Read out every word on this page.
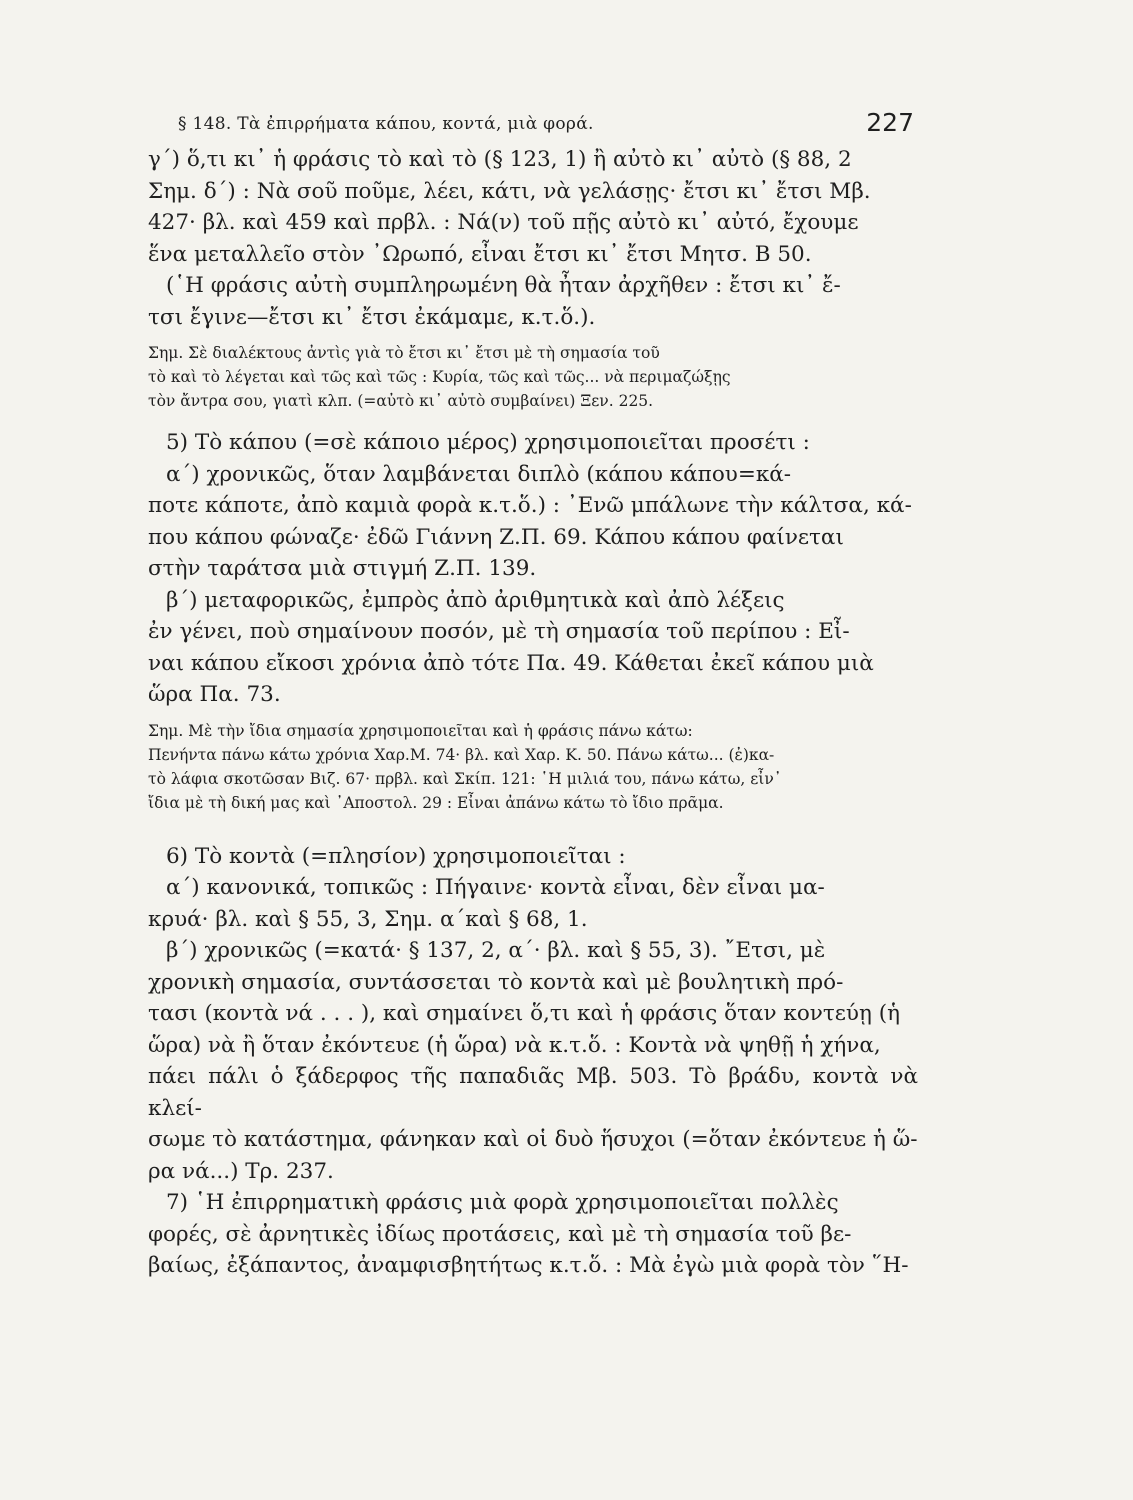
§ 148. Τὰ ἐπιρρήματα κάπου, κοντά, μιὰ φορά.	227

γ΄) ὅ,τι κι᾿ ἡ φράσις τὸ καὶ τὸ (§ 123, 1) ἢ αὐτὸ κι᾿ αὐτὸ (§ 88, 2

Σημ. δ΄) : Νὰ σοῦ ποῦμε, λέει, κάτι, νὰ γελάσῃς· ἔτσι κι᾿ ἔτσι Μβ.

427· βλ. καὶ 459 καὶ πρβλ. : Νά(ν) τοῦ πῇς αὐτὸ κι᾿ αὐτό, ἔχουμε

ἕνα μεταλλεῖο στὸν ᾿Ωρωπό, εἶναι ἔτσι κι᾿ ἔτσι Μητσ. Β 50.

(῾Η φράσις αὐτὴ συμπληρωμένη θὰ ἦταν ἀρχῆθεν : ἔτσι κι᾿ ἔ-

τσι ἔγινε—ἔτσι κι᾿ ἔτσι ἐκάμαμε, κ.τ.ὅ.).

Σημ. Σὲ διαλέκτους ἀντὶς γιὰ τὸ ἔτσι κι᾿ ἔτσι μὲ τὴ σημασία τοῦ

τὸ καὶ τὸ λέγεται καὶ τῶς καὶ τῶς : Κυρία, τῶς καὶ τῶς... νὰ περιμαζώξῃς

τὸν ἄντρα σου, γιατὶ κλπ. (=αὐτὸ κι᾿ αὐτὸ συμβαίνει) Ξεν. 225.

5) Τὸ κάπου (=σὲ κάποιο μέρος) χρησιμοποιεῖται προσέτι :

α΄) χρονικῶς, ὅταν λαμβάνεται διπλὸ (κάπου κάπου=κά-

ποτε κάποτε, ἀπὸ καμιὰ φορὰ κ.τ.ὅ.) : ᾿Ενῶ μπάλωνε τὴν κάλτσα, κά-

που κάπου φώναζε· ἐδῶ Γιάννη Ζ.Π. 69. Κάπου κάπου φαίνεται

στὴν ταράτσα μιὰ στιγμή Ζ.Π. 139.

β΄) μεταφορικῶς, ἐμπρὸς ἀπὸ ἀριθμητικὰ καὶ ἀπὸ λέξεις

ἐν γένει, ποὺ σημαίνουν ποσόν, μὲ τὴ σημασία τοῦ περίπου : Εἶ-

ναι κάπου εἴκοσι χρόνια ἀπὸ τότε Πα. 49. Κάθεται ἐκεῖ κάπου μιὰ

ὥρα Πα. 73.

Σημ. Μὲ τὴν ἴδια σημασία χρησιμοποιεῖται καὶ ἡ φράσις πάνω κάτω:

Πενήντα πάνω κάτω χρόνια Χαρ.Μ. 74· βλ. καὶ Χαρ. Κ. 50. Πάνω κάτω... (ἐ)κα-

τὸ λάφια σκοτῶσαν Βιζ. 67· πρβλ. καὶ Σκίπ. 121: ῾Η μιλιά του, πάνω κάτω, εἶν᾿

ἴδια μὲ τὴ δική μας καὶ ᾿Αποστολ. 29 : Εἶναι ἀπάνω κάτω τὸ ἴδιο πρᾶμα.

6) Τὸ κοντὰ (=πλησίον) χρησιμοποιεῖται :

α΄) κανονικά, τοπικῶς : Πήγαινε· κοντὰ εἶναι, δὲν εἶναι μα-

κρυά· βλ. καὶ § 55, 3, Σημ. α΄καὶ § 68, 1.

β΄) χρονικῶς (=κατά· § 137, 2, α΄· βλ. καὶ § 55, 3). ῎Ετσι, μὲ

χρονικὴ σημασία, συντάσσεται τὸ κοντὰ καὶ μὲ βουλητικὴ πρό-

τασι (κοντὰ νά . . . ), καὶ σημαίνει ὅ,τι καὶ ἡ φράσις ὅταν κοντεύῃ (ἡ

ὥρα) νὰ ἢ ὅταν ἐκόντευε (ἡ ὥρα) νὰ κ.τ.ὅ. : Κοντὰ νὰ ψηθῇ ἡ χήνα,

πάει πάλι ὁ ξάδερφος τῆς παπαδιᾶς Μβ. 503. Τὸ βράδυ, κοντὰ νὰ κλεί-

σωμε τὸ κατάστημα, φάνηκαν καὶ οἱ δυὸ ἥσυχοι (=ὅταν ἐκόντευε ἡ ὥ-

ρα νά...) Τρ. 237.

7) ῾Η ἐπιρρηματικὴ φράσις μιὰ φορὰ χρησιμοποιεῖται πολλὲς

φορές, σὲ ἀρνητικὲς ἰδίως προτάσεις, καὶ μὲ τὴ σημασία τοῦ βε-

βαίως, ἐξάπαντος, ἀναμφισβητήτως κ.τ.ὅ. : Μὰ ἐγὼ μιὰ φορὰ τὸν ῞Η-
